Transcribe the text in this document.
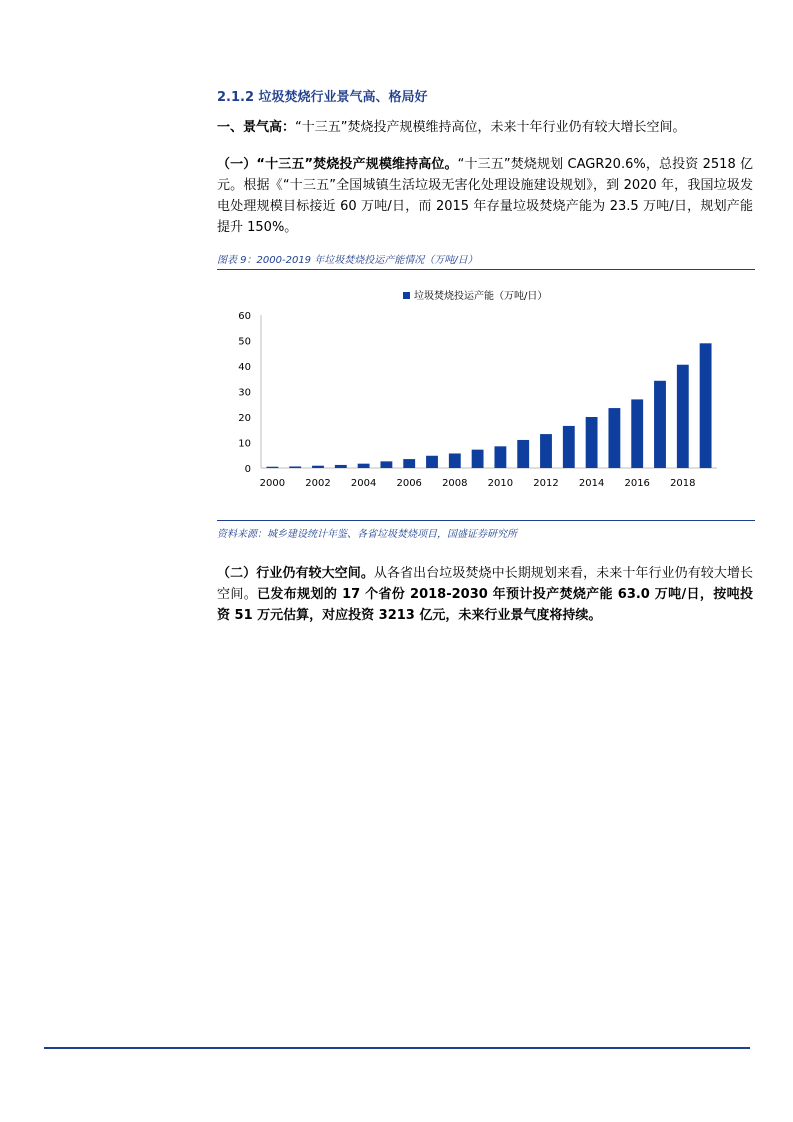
2.1.2 垃圾焚烧行业景气高、格局好

一、景气高：“十三五”焚烧投产规模维持高位，未来十年行业仍有较大增长空间。

（一）“十三五”焚烧投产规模维持高位。“十三五”焚烧规划 CAGR20.6%，总投资 2518 亿元。根据《“十三五”全国城镇生活垃圾无害化处理设施建设规划》，到 2020 年，我国垃圾发电处理规模目标接近 60 万吨/日，而 2015 年存量垃圾焚烧产能为 23.5 万吨/日，规划产能提升 150%。

图表 9：2000-2019 年垃圾焚烧投运产能情况（万吨/日）

垃圾焚烧投运产能（万吨/日）
0
10
20
30
40
50
60
2000 2002 2004 2006 2008 2010 2012 2014 2016 2018

资料来源：城乡建设统计年鉴、各省垃圾焚烧项目，国盛证券研究所

（二）行业仍有较大空间。从各省出台垃圾焚烧中长期规划来看，未来十年行业仍有较大增长空间。已发布规划的 17 个省份 2018-2030 年预计投产焚烧产能 63.0 万吨/日，按吨投资 51 万元估算，对应投资 3213 亿元，未来行业景气度将持续。
